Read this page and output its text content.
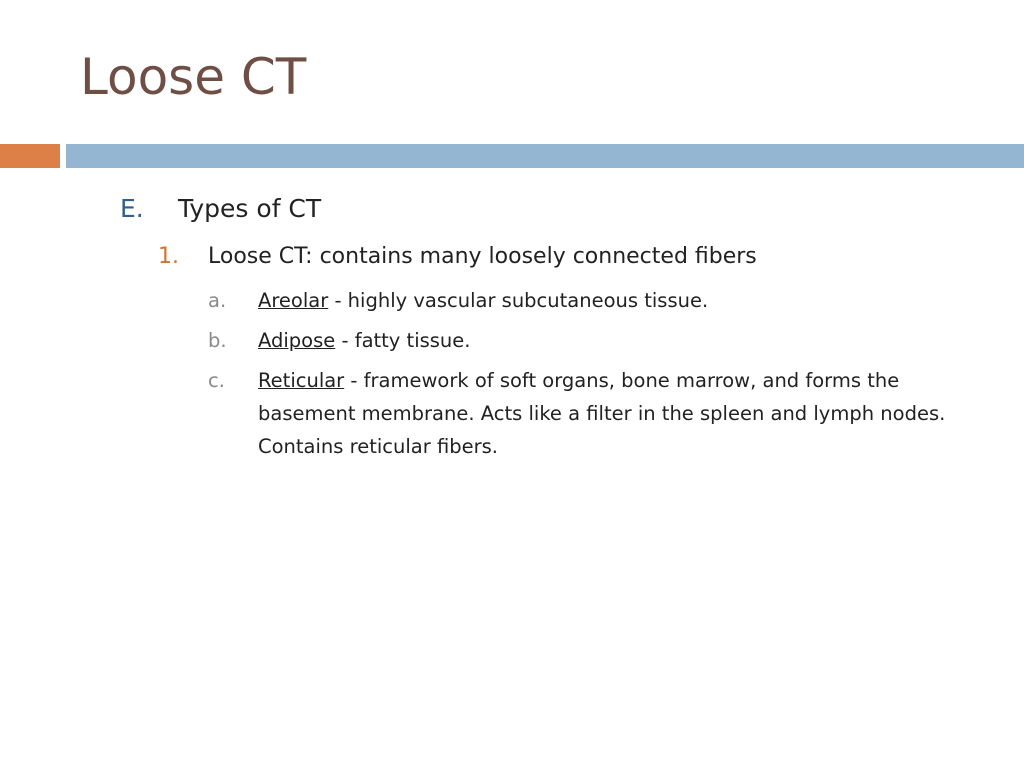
Loose CT
E. Types of CT
1. Loose CT: contains many loosely connected fibers
a.	Areolar - highly vascular subcutaneous tissue.
b.	Adipose - fatty tissue.
c.	Reticular - framework of soft organs, bone marrow, and forms the basement membrane. Acts like a filter in the spleen and lymph nodes. Contains reticular fibers.
